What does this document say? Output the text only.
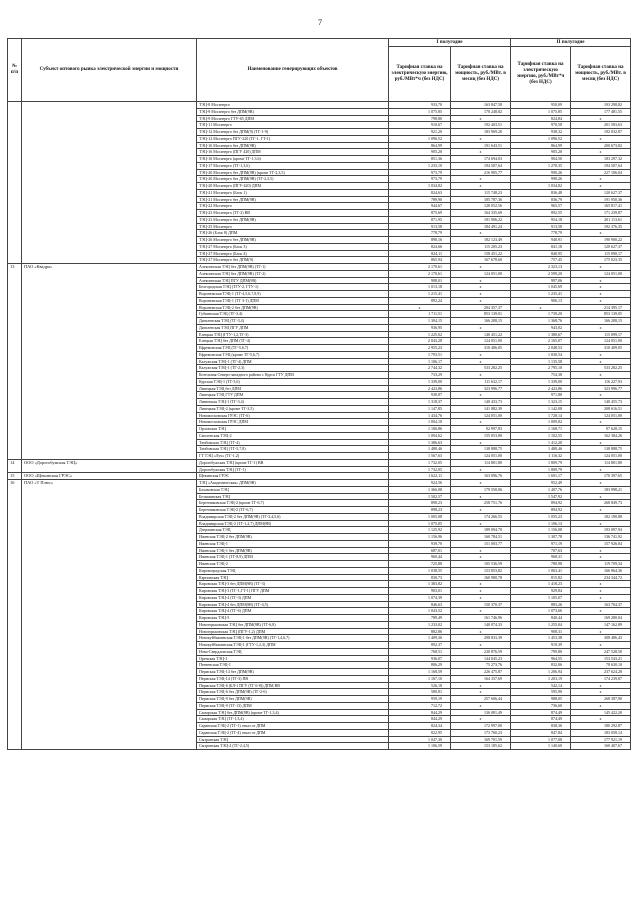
7
№ п/п	Субъект оптового рынка электрической энергии и мощности	Наименование генерирующих объектов	I полугодие		II полугодие	
			Тарифная ставка на электрическую энергию, руб./МВт*ч (без НДС)	Тарифная ставка на мощность, руб./МВт. в месяц (без НДС)	Тарифная ставка на электрическую энергию, руб./МВт*ч (без НДС)	Тарифная ставка на мощность, руб./МВт. в месяц (без НДС)
		ТЭЦ-8 Мосэнерго	933,70	163 847,58	950,09	193 298,82
		ТЭЦ-9 Мосэнерго без ДПМ(9В)	1 075,85	170 248,82	1 075,85	177 481,55
		ТЭЦ-9 Мосэнерго ГТУ-65 ДПМ	798,80	x	824,84	x
		ТЭЦ-11 Мосэнерго	910,67	192 403,51	970,58	201 583,63
		ТЭЦ-12 Мосэнерго без ДПМ(9) (ТГ-1-9)	921,20	183 969,20	938,32	192 032,87
		ТЭЦ-12 Мосэнерго ПГУ-220 (ТГ-1, ГТ-1)	1 096,52	x	1 096,52	x
		ТЭЦ-16 Мосэнерго без ДПМ(9В)	864,99	191 643,51	864,99	200 673,82
		ТЭЦ-16 Мосэнерго (ПГУ 420) ДПМ	905,20	x	905,20	x
		ТЭЦ-16 Мосэнерго (кроме ТГ-1,3,6)	851,36	174 694,03	904,50	183 297,32
		ТЭЦ-17 Мосэнерго (ТГ-1,3,6)	1 233,10	194 507,64	1 278,35	194 507,64
		ТЭЦ-20 Мосэнерго без ДПМ(9В) (кроме ТГ-2,3,5)	973,79	216 905,77	990,26	227 106,04
		ТЭЦ-20 Мосэнерго без ДПМ(9В) (ТГ-2,3,5)	973,79	x	990,26	x
		ТЭЦ-20 Мосэнерго (ПГУ-420) ДПМ	1 034,82	x	1 034,82	x
		ТЭЦ-21 Мосэнерго (Блок 1)	824,63	115 748,23	836,48	120 627,37
		ТЭЦ-21 Мосэнерго без ДПМ(9В)	789,90	185 787,36	836,79	191 950,36
		ТЭЦ-22 Мосэнерго	944,67	128 052,56	965,57	165 817,41
		ТЭЦ-23 Мосэнерго (ТГ-2) ВВ	875,69	164 335,69	892,55	171 239,87
		ТЭЦ-23 Мосэнерго без ДПМ(9В)	871,95	191 906,22	954,18	201 113,61
		ТЭЦ-25 Мосэнерго	913,58	184 491,24	913,58	192 376,35
		ТЭЦ-26 (Блок 8) ДПМ	778,79	x	778,79	x
		ТЭЦ-26 Мосэнерго без ДПМ(9В)	890,16	182 123,49	940,91	190 900,22
		ТЭЦ-27 Мосэнерго (Блок 3)	824,66	115 205,23	841,18	120 627,37
		ТЭЦ-27 Мосэнерго (Блок 4)	824,11	158 451,22	840,95	115 090,17
		ТЭЦ-27 Мосэнерго без ДПМ(9)	865,94	167 678,60	757,45	175 023,35
13	ПАО «Квадра»	Алексинская ТЭЦ без ДПМ(9В) (ТГ-1)	2 170,61	x	2 323,13	x
		Алексинская ТЭЦ без ДПМ(9В) (ТГ-2)	2 170,61	124 051,00	2 599,20	124 051,00
		Алексинская ТЭЦ ПГУ ДПМ(9В)	908,01	x	997,06	x
		Белгородская ТЭЦ (ТГУ-2, ГТУ-1)	1 013,18	x	1 045,69	x
		Воронежская ТЭЦ-1 (ТГ-4,5,6,7,8,9)	1 215,41	x	1 235,41	x
		Воронежская ТЭЦ-1 (ТГ 3-1) ДПМ	892,24	x	906,13	x
		Воронежская ТЭЦ-2 без ДПМ(9В)	x	204 357,37	x	214 395,17
		Губкинская ТЭЦ (ТГ-3,4)	1 711,51	853 139,01	1 739,20	853 139,05
		Дягилевская ТЭЦ (ТГ-3,4)	1 304,15	166 208,15	1 368,76	166 208,15
		Дягилевская ТЭЦ ПГУ ДПМ	936,95	x	943,02	x
		Елецкая ТЭЦ (ГТУ-1,2,ТГ-3)	1 225,02	140 451,22	1 380,67	115 099,17
		Елецкая ТЭЦ без ДПМ (ТГ-4)	2 043,28	124 051,00	2 165,07	124 051,00
		Ефремовская ТЭЦ (ТГ-5,6,7)	2 955,23	310 406,05	2 048,53	310 409,05
		Ефремовская ТЭЦ (кроме ТГ-5,6,7)	1 793,51	x	1 830,54	x
		Калужская ТЭЦ-1 (ТГ-4) ДПМ	1 106,17	x	1 135,58	x
		Калужская ТЭЦ-1 (ТГ-2,3)	2 744,32	533 282,25	2 795,10	533 282,25
		Котельная Северо-западного района г. Курск ГТУ ДПМ	733,29	x	754,38	x
		Курская ТЭЦ-1 (ТГ-5,6)	1 339,00	111 632,17	1 339,00	116 227,93
		Липецкая ТЭЦ без ДПМ	2 423,86	323 996,77	2 423,86	323 996,77
		Липецкая ТЭЦ ГТУ ДПМ	938,87	x	971,88	x
		Ливенская ТЭЦ-1 (ТГ-3,4)	1 318,37	140 433,73	1 323,15	140 455,73
		Липецкая ТЭЦ-2 (кроме ТГ-3,5)	1 147,85	141 882,39	1 142,08	208 616,51
		Новомосковская ГРЭС (ТГ-6)	1 434,76	124 051,00	1 728,14	124 051,00
		Новомосковская ГРЭС ДПМ	1 004,10	x	1 009,82	x
		Орловская ТЭЦ	1 106,86	92 997,83	1 168,71	97 628,15
		Смоленская ТЭЦ-2	1 094,62	155 053,80	1 102,55	162 384,26
		Тамбовская ТЭЦ (ТГ-4)	1 386,63	x	1 412,20	x
		Тамбовская ТЭЦ (ТГ-5,7,8)	1 480,46	138 888,75	1 480,46	138 888,75
		ГТ ТЭЦ «Луч» (ТГ-1,2)	1 567,63	124 051,00	1 116,32	124 051,00
14	ООО «Дорогобужская ТЭЦ»	Дорогобужская ТЭЦ (кроме ТГ-1) ВВ	1 732,05	114 801,80	1 809,79	114 801,80
		Дорогобужская ТЭЦ (ТГ-1)	1 732,05	x	1 809,79	x
15	ООО «Щекинская ГРЭС»	Щекинская ГРЭС	1 622,11	163 096,76	1 691,17	170 397,65
16	ПАО «Т Плюс»	ТЭЦ «Академическая» ДПМ(9В)	924,56	x	952,49	x
		Балаковская ТЭЦ	1 366,08	179 550,06	1 407,76	183 998,21
		Безымянская ТЭЦ	1 502,57	x	1 547,92	x
		Березниковская ТЭЦ-2 (кроме ТГ-6,7)	898,23	258 751,76	894,92	268 849,73
		Березниковская ТЭЦ-2 (ТГ-6,7)	898,23	x	894,92	x
		Владимирская ТЭЦ-2 без ДПМ(9В) (ТГ-3,4,5,6)	1 005,08	174 266,55	1 055,23	182 190,88
		Владимирская ТЭЦ-2 (ТГ-1,2,7) ДПМ(9В)	1 075,05	x	1 106,13	x
		Дзержинская ТЭЦ	1 125,92	189 094,70	1 156,08	193 097,94
		Ижевская ТЭЦ-2 без ДПМ(9В)	1 156,96	160 784,51	1 307,78	136 741,92
		Ижевская ТЭЦ-1	939,70	151 003,77	971,19	157 926,04
		Ижевская ТЭЦ-1 без ДПМ(9В)	687,01	x	707,63	x
		Ижевская ТЭЦ-1 (ТГ-8,9) ДПМ	960,44	x	968,31	x
		Ижевская ТЭЦ-2	725,88	105 536,59	780,98	119 709,34
		Кировоградская ТЭЦ	1 038,55	153 853,82	1 063,41	166 964,36
		Карпинская ТЭЦ	830,73	160 980,78	815,82	234 344,72
		Кировская ТЭЦ-3 без ДПМ(9В) (ТГ-3)	1 383,82	x	1 418,23	x
		Кировская ТЭЦ-3 (ТГ-1,ГТ-1) ПГУ ДПМ	903,01	x	929,84	x
		Кировская ТЭЦ-4 (ТГ-3) ДПМ	1 074,39	x	1 105,07	x
		Кировская ТЭЦ-4 без ДПМ(9В) (ТГ-4,5)	846,63	150 370,37	883,26	163 704,37
		Кировская ТЭЦ-4 (ТГ-6) ДПМ	1 043,52	x	1 073,66	x
		Кировская ТЭЦ-5	789,49	161 746,96	840,44	169 280,04
		Новогорьковская ТЭЦ без ДПМ(9В) (ТГ-6,8)	1 233,02	140 074,33	1 255,04	147 162,89
		Новогорьковская ТЭЦ (ПГУ-1,2) ДПМ	882,86	x	908,31	x
		Новокуйбышевская ТЭЦ-1 без ДПМ(9В) (ТГ-1,4,6,7)	1 409,36	298 833,39	1 453,38	308 486,43
		Новокуйбышевская ТЭЦ-1 (ГТУ-1,2,3) ДПМ	892,37	x	919,39	x
		Ново-Свердловская ТЭЦ	768,51	230 876,59	799,80	247 528,50
		Оренская ТЭЦ-1	936,07	144 045,23	964,55	153 543,21
		Пензенская ТЭЦ-1	806,29	75 273,76	832,06	78 630,10
		Пермская ТЭЦ-14 без ДПМ(9В)	1 168,59	226 475,87	1 206,94	237 624,28
		Пермская ТЭЦ-14 (ТГ-3) ПВ	1 167,10	164 337,69	1 203,19	174 239,87
		Пермская ТЭЦ-6 (БЛ-1 ПГУ (ТГ 6-8)) ДПМ ВВ	526,18	x	542,14	x
		Пермская ТЭЦ-6 без ДПМ(9В) (ТГ-2-6)	580,81	x	595,90	x
		Пермская ТЭЦ-9 без ДПМ(9В)	959,19	257 606,44	988,05	268 387,90
		Пермская ТЭЦ-9 (ТГ-13) ДПМ	712,72	x	736,60	x
		Самарская ТЭЦ без ДПМ(9В) (кроме ТГ-1,3,4)	844,29	136 081,49	874,49	145 422,20
		Самарская ТЭЦ (ТГ-1,3,4)	844,29	x	874,49	x
		Саранская ТЭЦ-2 (ТГ-1) отказ от ДПМ	824,34	172 997,00	838,36	180 292,87
		Саранская ТЭЦ-2 (ТГ-4) отказ от ДПМ	822,95	173 760,23	847,84	183 058,14
		Сызранская ТЭЦ	1 047,30	169 701,59	1 077,08	177 921,19
		Сызранская ТЭЦ-2 (ТГ-2,4,5)	1 106,59	153 185,62	1 140,60	160 407,67
